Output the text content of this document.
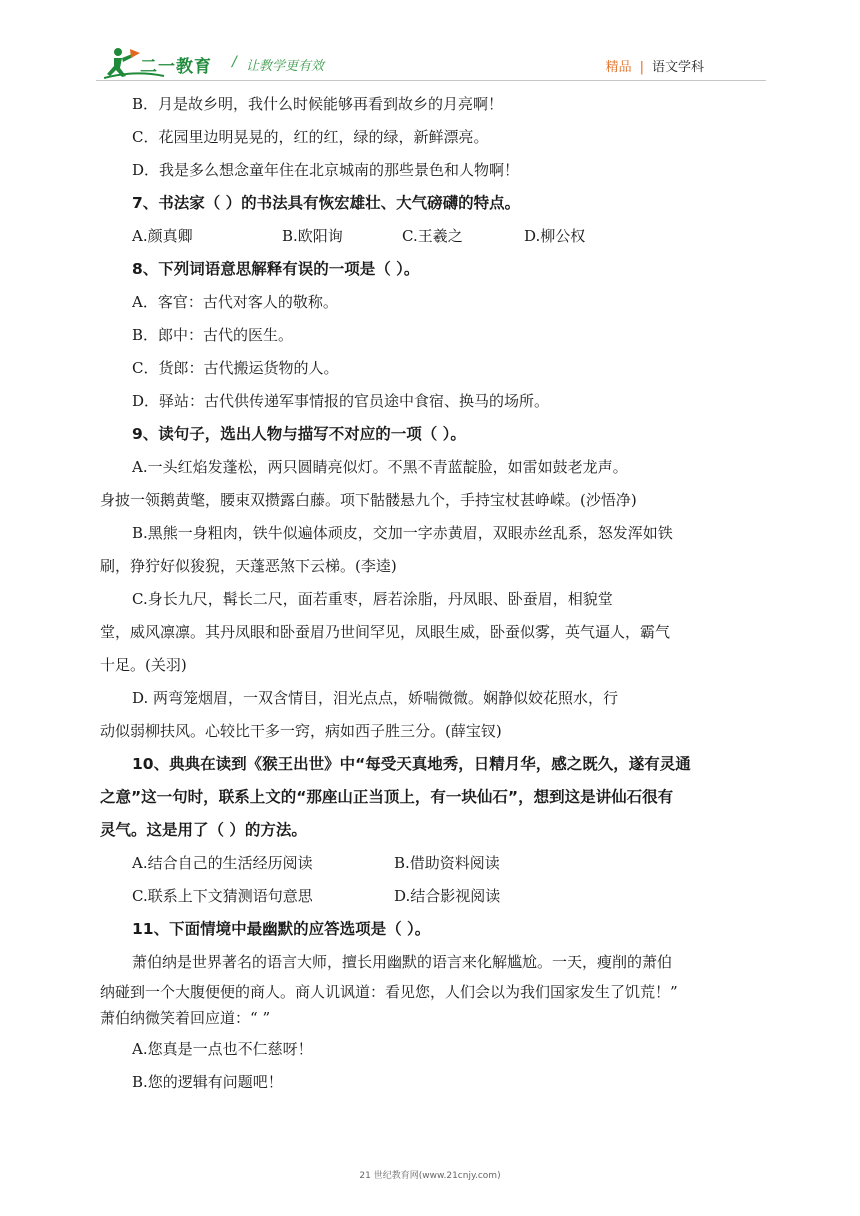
二一教育 / 让教学更有效	精品 | 语文学科
B．月是故乡明，我什么时候能够再看到故乡的月亮啊！
C．花园里边明晃晃的，红的红，绿的绿，新鲜漂亮。
D．我是多么想念童年住在北京城南的那些景色和人物啊！
7、书法家（ ）的书法具有恢宏雄壮、大气磅礴的特点。
A.颜真卿	B.欧阳询	C.王羲之	D.柳公权
8、下列词语意思解释有误的一项是（ ）。
A．客官：古代对客人的敬称。
B．郎中：古代的医生。
C．货郎：古代搬运货物的人。
D．驿站：古代供传递军事情报的官员途中食宿、换马的场所。
9、读句子，选出人物与描写不对应的一项（ ）。
A.一头红焰发蓬松，两只圆睛亮似灯。不黑不青蓝靛脸，如雷如鼓老龙声。
身披一领鹅黄氅，腰束双攒露白藤。项下骷髅悬九个，手持宝杖甚峥嵘。(沙悟净)
B.黑熊一身粗肉，铁牛似遍体顽皮，交加一字赤黄眉，双眼赤丝乱系，怒发浑如铁
刷，狰狞好似狻猊，天蓬恶煞下云梯。(李逵)
C.身长九尺，髯长二尺，面若重枣，唇若涂脂，丹凤眼、卧蚕眉，相貌堂
堂，威风凛凛。其丹凤眼和卧蚕眉乃世间罕见，凤眼生威，卧蚕似雾，英气逼人，霸气
十足。(关羽)
D. 两弯笼烟眉，一双含情目，泪光点点，娇喘微微。娴静似姣花照水，行
动似弱柳扶风。心较比干多一窍，病如西子胜三分。(薛宝钗)
10、典典在读到《猴王出世》中“每受天真地秀，日精月华，感之既久，遂有灵通
之意”这一句时，联系上文的“那座山正当顶上，有一块仙石”，想到这是讲仙石很有
灵气。这是用了（ ）的方法。
A.结合自己的生活经历阅读	B.借助资料阅读
C.联系上下文猜测语句意思	D.结合影视阅读
11、下面情境中最幽默的应答选项是（ ）。
萧伯纳是世界著名的语言大师，擅长用幽默的语言来化解尴尬。一天，瘦削的萧伯
纳碰到一个大腹便便的商人。商人讥讽道：看见您，人们会以为我们国家发生了饥荒！”
萧伯纳微笑着回应道：“ ”
A.您真是一点也不仁慈呀！
B.您的逻辑有问题吧！
21 世纪教育网(www.21cnjy.com)
